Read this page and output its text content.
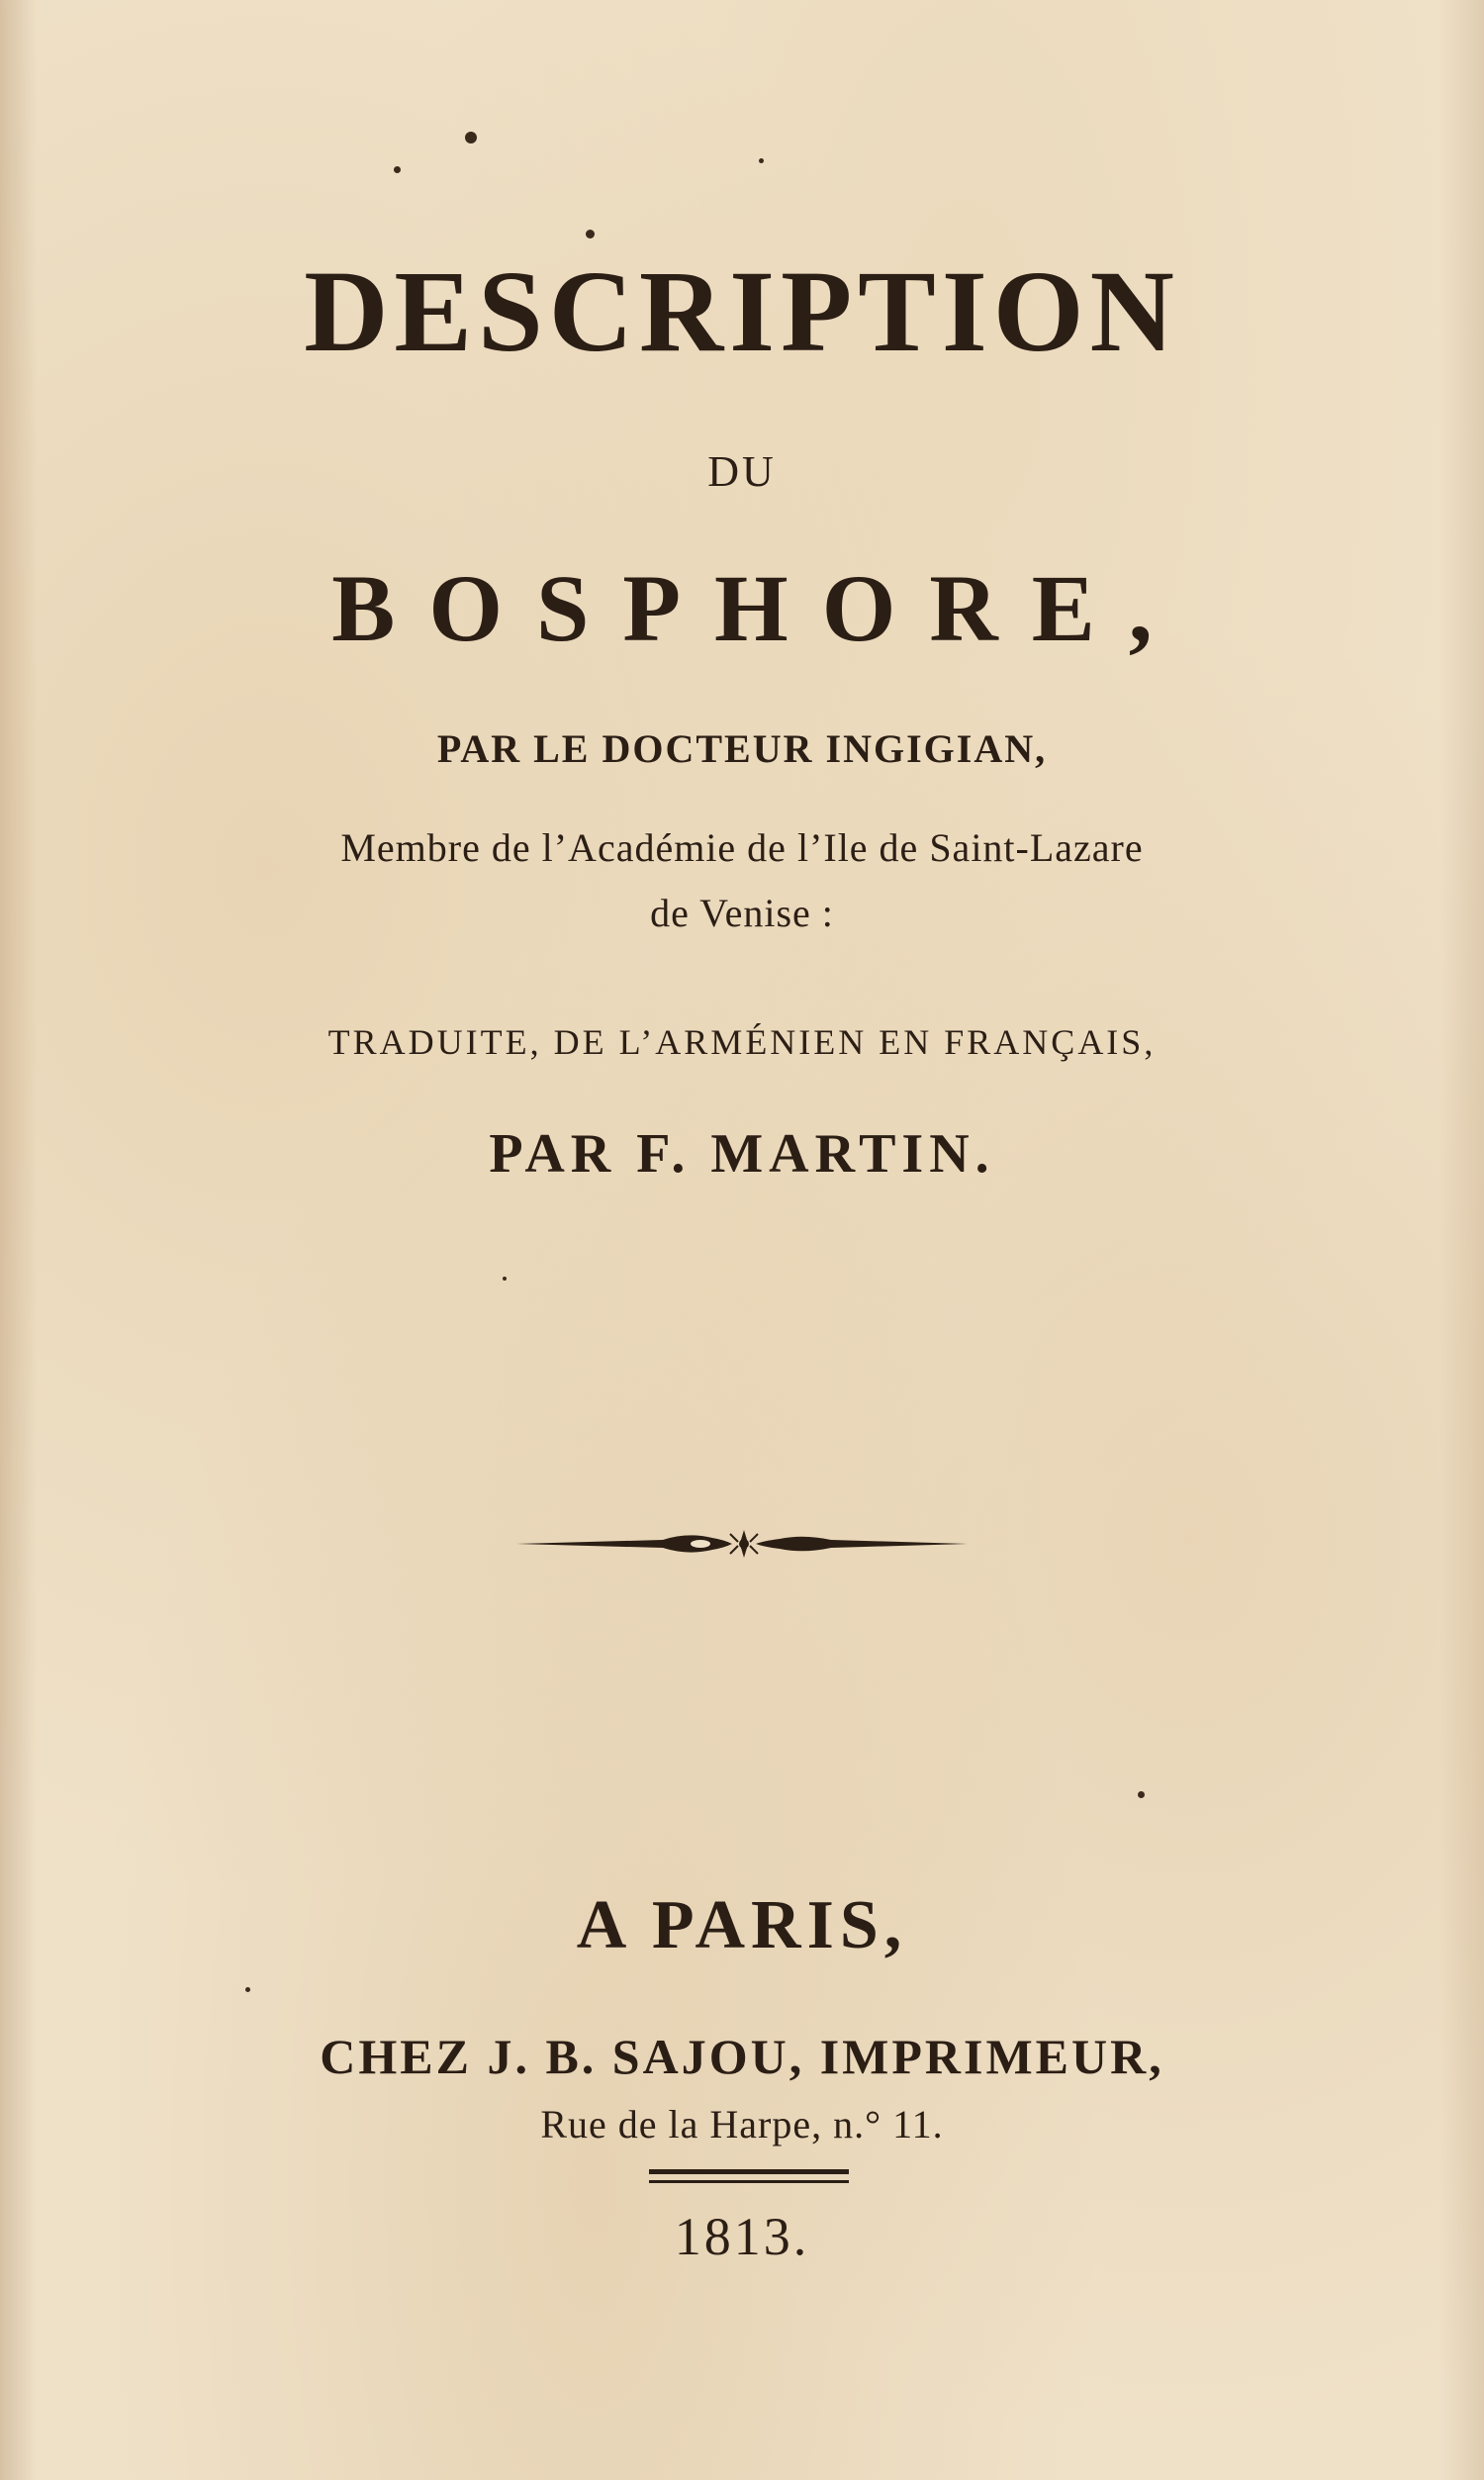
DESCRIPTION
DU
BOSPHORE,
PAR LE DOCTEUR INGIGIAN,
Membre de l’Académie de l’Ile de Saint-Lazare
de Venise :
TRADUITE, DE L’ARMÉNIEN EN FRANÇAIS,
PAR F. MARTIN.
A PARIS,
CHEZ J. B. SAJOU, IMPRIMEUR,
Rue de la Harpe, n.° 11.
1813.
